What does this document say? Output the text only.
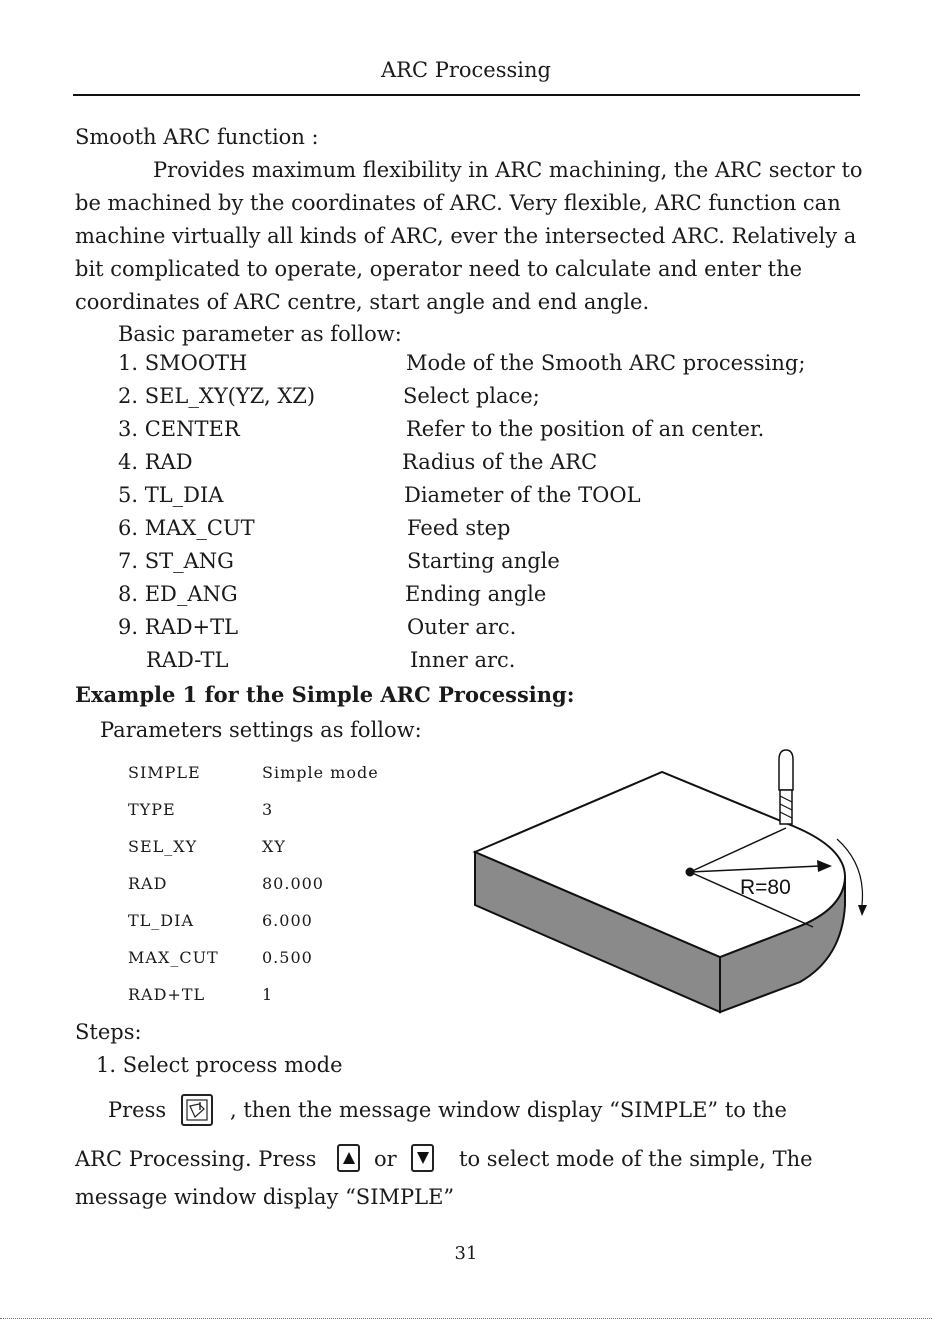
ARC Processing
Smooth ARC function :
Provides maximum flexibility in ARC machining, the ARC sector to be machined by the coordinates of ARC. Very flexible, ARC function can machine virtually all kinds of ARC, ever the intersected ARC. Relatively a bit complicated to operate, operator need to calculate and enter the coordinates of ARC centre, start angle and end angle.
Basic parameter as follow:
1. SMOOTH	Mode of the Smooth ARC processing;
2. SEL_XY(YZ, XZ)	Select place;
3. CENTER	Refer to the position of an center.
4. RAD	Radius of the ARC
5. TL_DIA	Diameter of the TOOL
6. MAX_CUT	Feed step
7. ST_ANG	Starting angle
8. ED_ANG	Ending angle
9. RAD+TL	Outer arc.
RAD-TL	Inner arc.
Example 1 for the Simple ARC Processing:
Parameters settings as follow:
SIMPLE	Simple mode
TYPE	3
SEL_XY	XY
RAD	80.000
TL_DIA	6.000
MAX_CUT	0.500
RAD+TL	1
R=80
Steps:
1. Select process mode
Press	, then the message window display “SIMPLE” to the
ARC Processing. Press	or	to select mode of the simple, The
message window display “SIMPLE”
31
